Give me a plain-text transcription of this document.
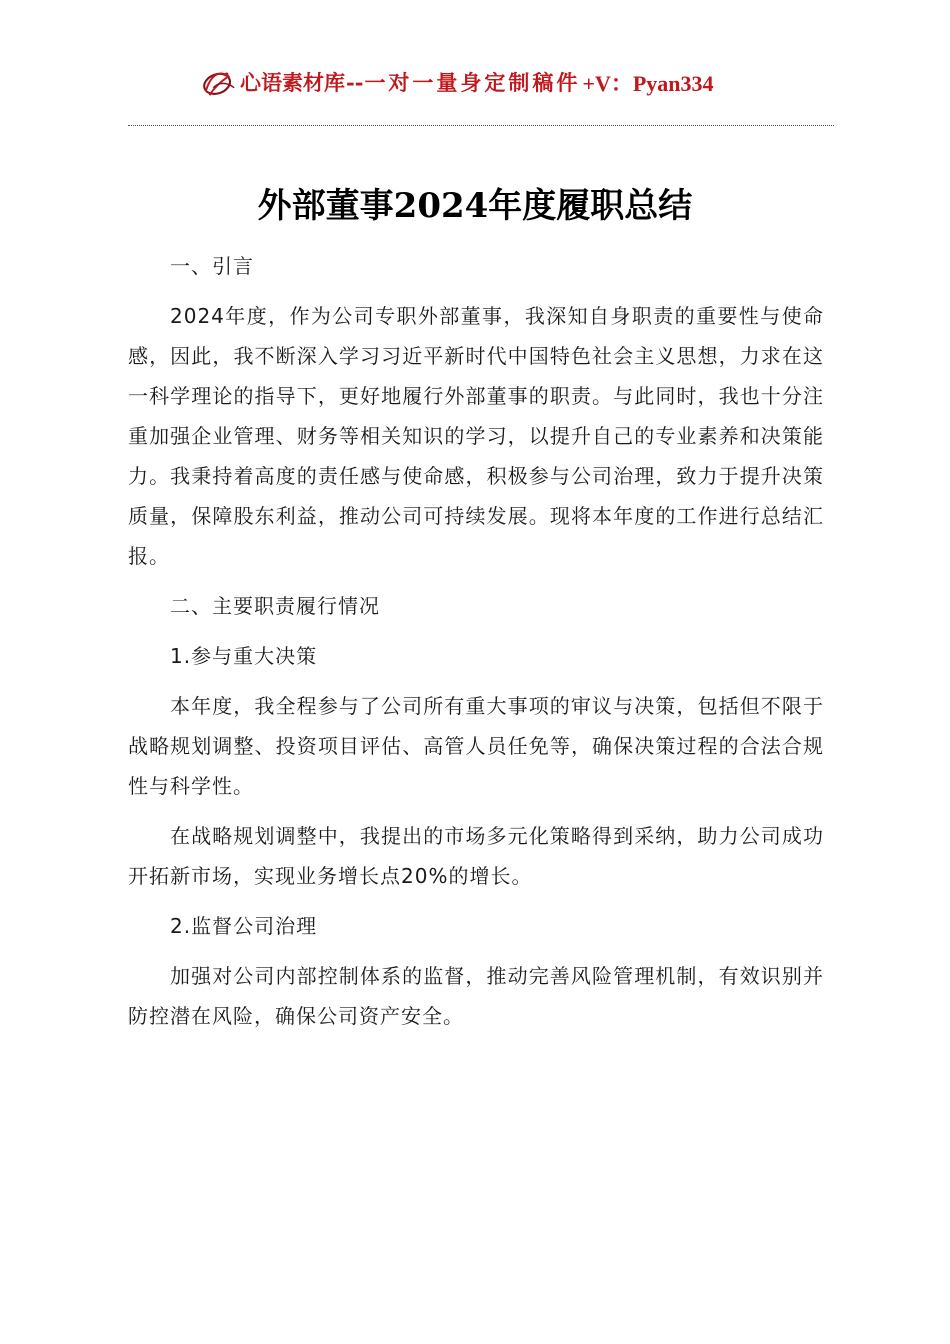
心语素材库 -- 一对一量身定制稿件 +V：Pyan334
外部董事2024年度履职总结

一、引言

2024年度，作为公司专职外部董事，我深知自身职责的重要性与使命感，因此，我不断深入学习习近平新时代中国特色社会主义思想，力求在这一科学理论的指导下，更好地履行外部董事的职责。与此同时，我也十分注重加强企业管理、财务等相关知识的学习，以提升自己的专业素养和决策能力。我秉持着高度的责任感与使命感，积极参与公司治理，致力于提升决策质量，保障股东利益，推动公司可持续发展。现将本年度的工作进行总结汇报。

二、主要职责履行情况

1.参与重大决策

本年度，我全程参与了公司所有重大事项的审议与决策，包括但不限于战略规划调整、投资项目评估、高管人员任免等，确保决策过程的合法合规性与科学性。

在战略规划调整中，我提出的市场多元化策略得到采纳，助力公司成功开拓新市场，实现业务增长点20%的增长。

2.监督公司治理

加强对公司内部控制体系的监督，推动完善风险管理机制，有效识别并防控潜在风险，确保公司资产安全。
